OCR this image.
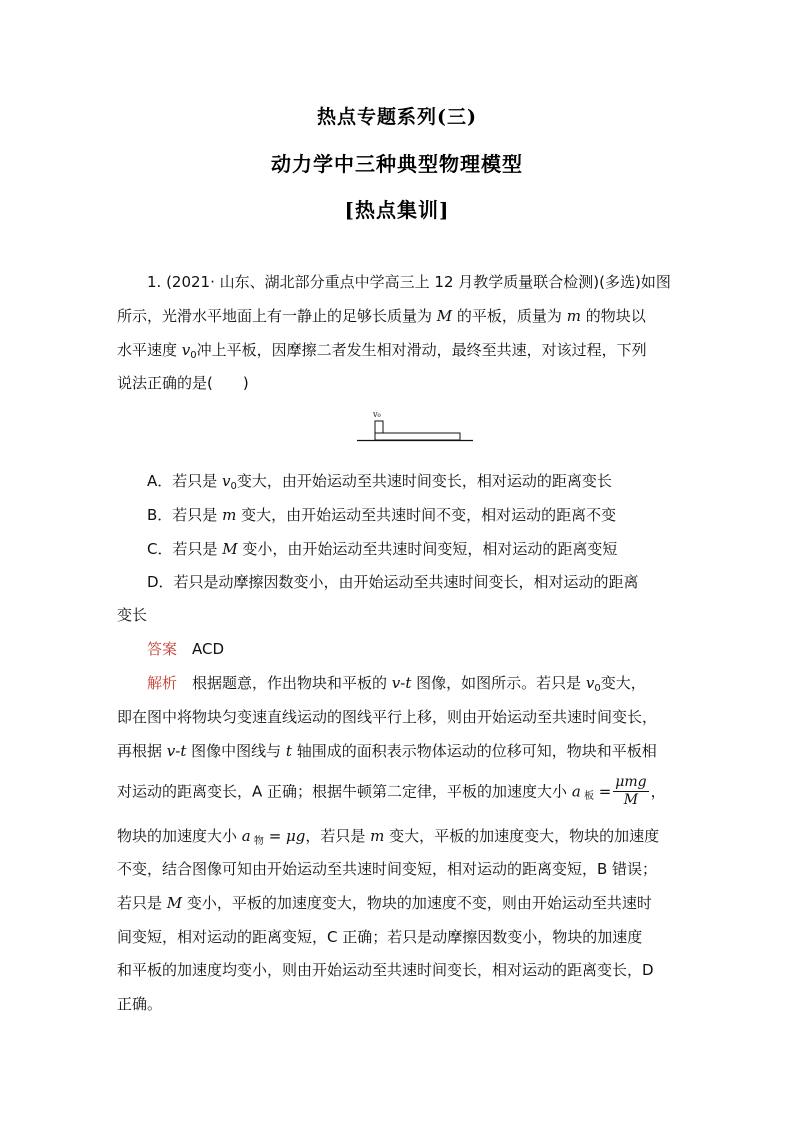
热点专题系列(三)
动力学中三种典型物理模型
[热点集训]
1. (2021· 山东、湖北部分重点中学高三上 12 月教学质量联合检测)(多选)如图
所示，光滑水平地面上有一静止的足够长质量为 M 的平板，质量为 m 的物块以
水平速度 $v_0$冲上平板，因摩擦二者发生相对滑动，最终至共速，对该过程，下列
说法正确的是(　　)
v₀
A．若只是 $v_0$变大，由开始运动至共速时间变长，相对运动的距离变长
B．若只是 m 变大，由开始运动至共速时间不变，相对运动的距离不变
C．若只是 M 变小，由开始运动至共速时间变短，相对运动的距离变短
D．若只是动摩擦因数变小，由开始运动至共速时间变长，相对运动的距离
变长
答案　 ACD
解析　根据题意，作出物块和平板的 v-t 图像，如图所示。若只是 $v_0$变大，
即在图中将物块匀变速直线运动的图线平行上移，则由开始运动至共速时间变长，
再根据 v-t 图像中图线与 t 轴围成的面积表示物体运动的位移可知，物块和平板相
对运动的距离变长，A 正确；根据牛顿第二定律，平板的加速度大小 a $_板 = \frac{\text{μmg}}{M}$ ，
物块的加速度大小 a $_物$ = μg，若只是 m 变大，平板的加速度变大，物块的加速度
不变，结合图像可知由开始运动至共速时间变短，相对运动的距离变短，B 错误；
若只是 M 变小，平板的加速度变大，物块的加速度不变，则由开始运动至共速时
间变短，相对运动的距离变短，C 正确；若只是动摩擦因数变小，物块的加速度
和平板的加速度均变小，则由开始运动至共速时间变长，相对运动的距离变长，D
正确。
